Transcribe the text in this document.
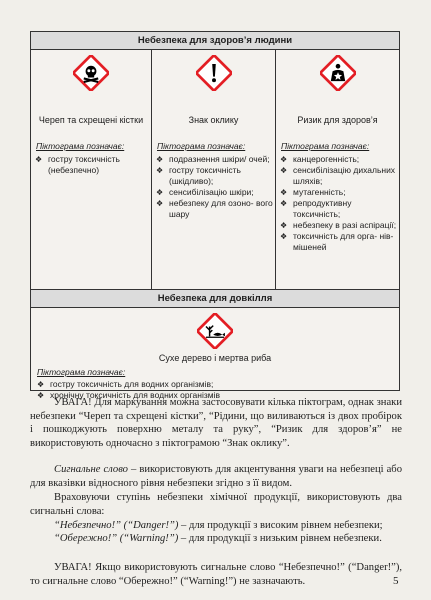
Небезпека для здоров’я людини
Череп та схрещені кістки
Піктограма позначає:
❖ гостру токсичність (небезпечно)
Знак оклику
Піктограма позначає:
❖ подразнення шкіри/ очей;
❖ гостру токсичність (шкідливо);
❖ сенсибілізацію шкіри;
❖ небезпеку для озоно- вого шару
Ризик для здоров’я
Піктограма позначає:
❖ канцерогенність;
❖ сенсибілізацію дихальних шляхів;
❖ мутагенність;
❖ репродуктивну токсичність;
❖ небезпеку в разі аспірації;
❖ токсичність для орга- нів-мішеней
Небезпека для довкілля
Сухе дерево і мертва риба
Піктограма позначає:
❖ гостру токсичність для водних організмів;
❖ хронічну токсичність для водних організмів

УВАГА! Для маркування можна застосовувати кілька піктограм, однак знаки небезпеки “Череп та схрещені кістки”, “Рідини, що виливаються із двох пробірок і пошкоджують поверхню металу та руку”, “Ризик для здоров’я” не використовують одночасно з піктограмою “Знак оклику”.

Сигнальне слово – використовують для акцентування уваги на небезпеці або для вказівки відносного рівня небезпеки згідно з її видом.

Враховуючи ступінь небезпеки хімічної продукції, використовують два сигнальні слова:

“Небезпечно!” (“Danger!”) – для продукції з високим рівнем небезпеки;

“Обережно!” (“Warning!”) – для продукції з низьким рівнем небезпеки.

УВАГА! Якщо використовують сигнальне слово “Небезпечно!” (“Danger!”), то сигнальне слово “Обережно!” (“Warning!”) не зазначають.	5
